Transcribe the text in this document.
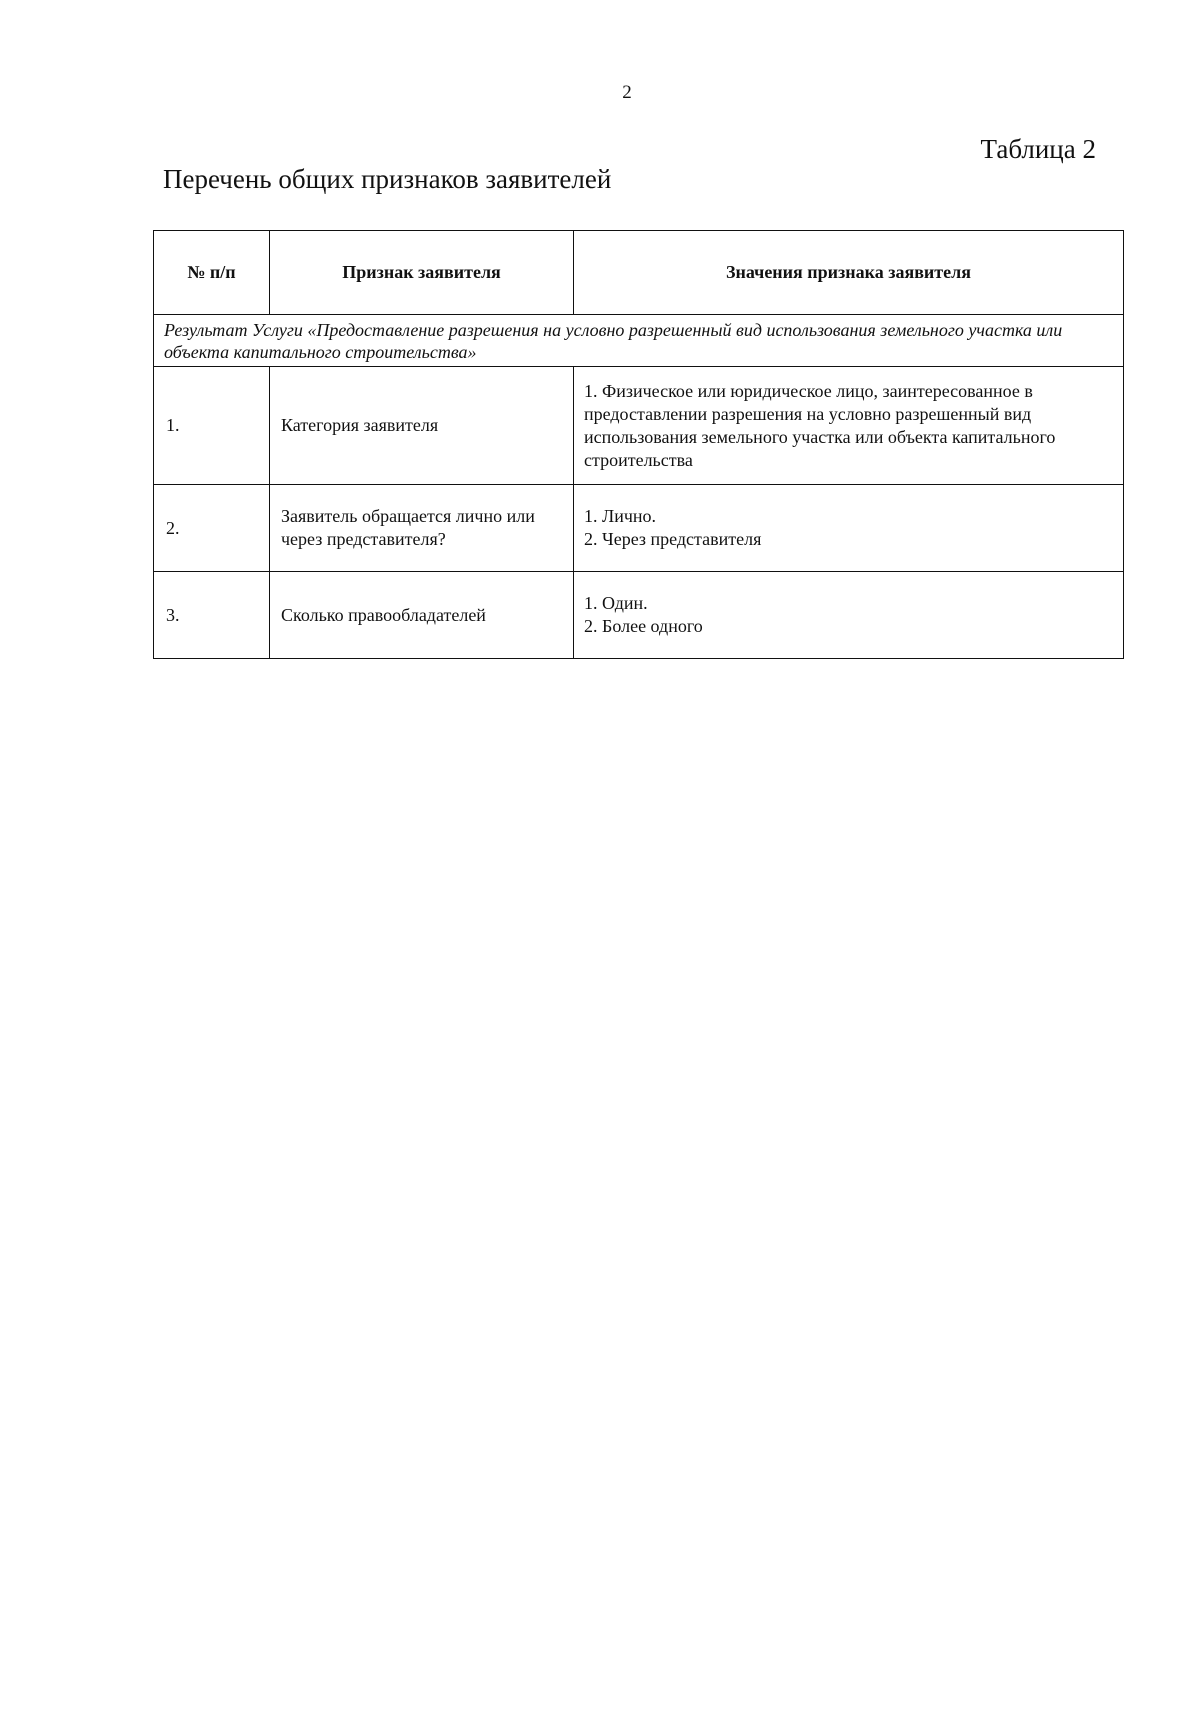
2
Таблица 2
Перечень общих признаков заявителей
№ п/п	Признак заявителя	Значения признака заявителя
Результат Услуги «Предоставление разрешения на условно разрешенный вид использования земельного участка или объекта капитального строительства»		
1.	Категория заявителя	1. Физическое или юридическое лицо, заинтересованное в предоставлении разрешения на условно разрешенный вид использования земельного участка или объекта капитального строительства

2.	Заявитель обращается лично или через представителя?	1. Лично.
2. Через представителя

3.	Сколько правообладателей	1. Один.
2. Более одного
